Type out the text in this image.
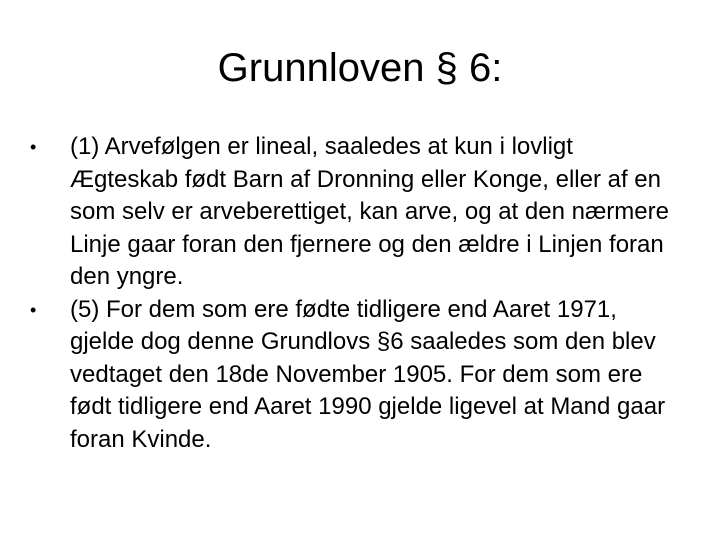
Grunnloven § 6:
•	(1) Arvefølgen er lineal, saaledes at kun i lovligt Ægteskab født Barn af Dronning eller Konge, eller af en som selv er arveberettiget, kan arve, og at den nærmere Linje gaar foran den fjernere og den ældre i Linjen foran den yngre.
•	(5) For dem som ere fødte tidligere end Aaret 1971, gjelde dog denne Grundlovs §6 saaledes som den blev vedtaget den 18de November 1905. For dem som ere født tidligere end Aaret 1990 gjelde ligevel at Mand gaar foran Kvinde.
